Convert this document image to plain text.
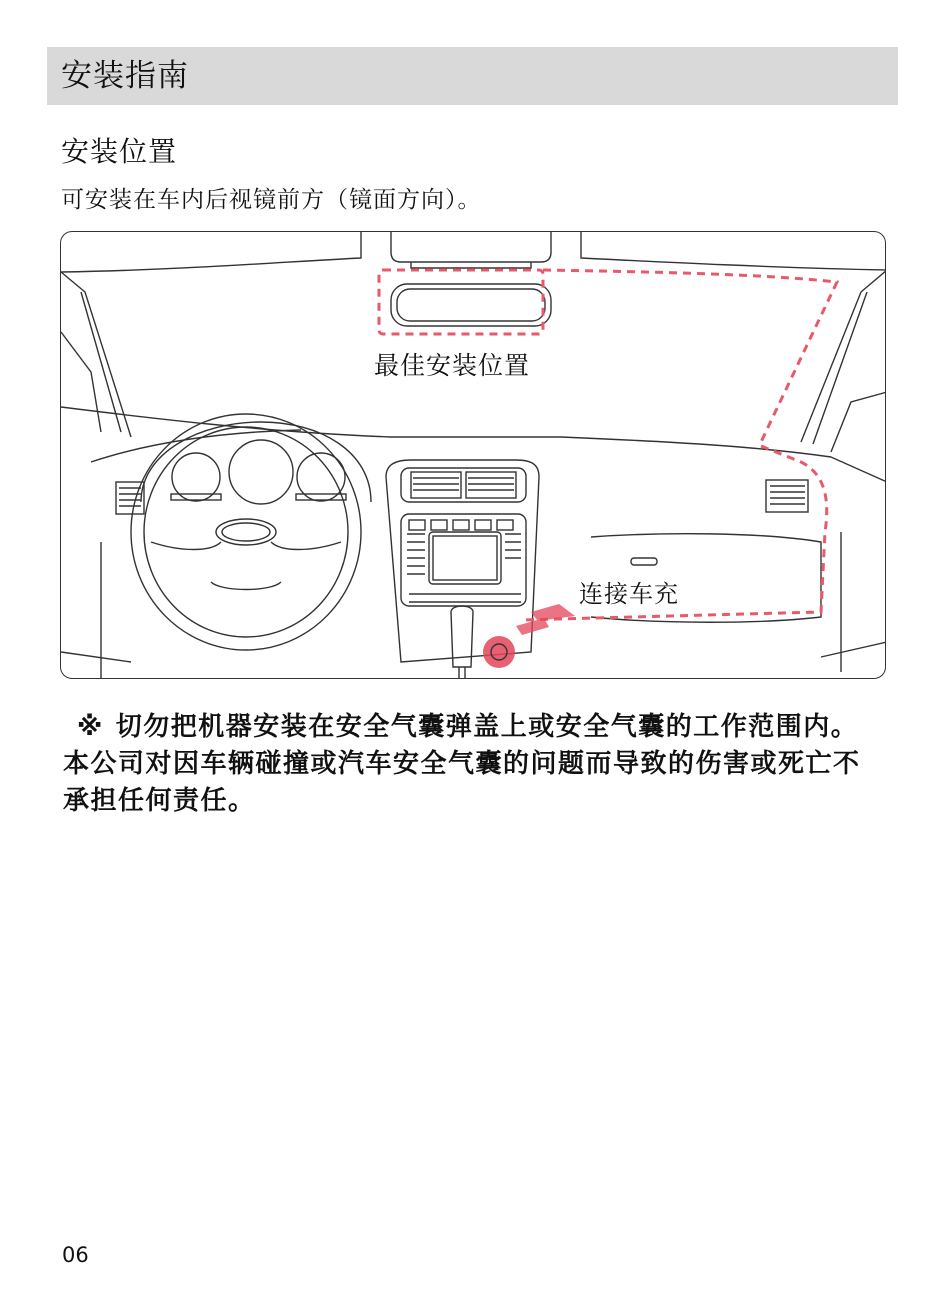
安装指南
安装位置
可安装在车内后视镜前方（镜面方向）。
最佳安装位置
连接车充
※ 切勿把机器安装在安全气囊弹盖上或安全气囊的工作范围内。本公司对因车辆碰撞或汽车安全气囊的问题而导致的伤害或死亡不承担任何责任。
06
